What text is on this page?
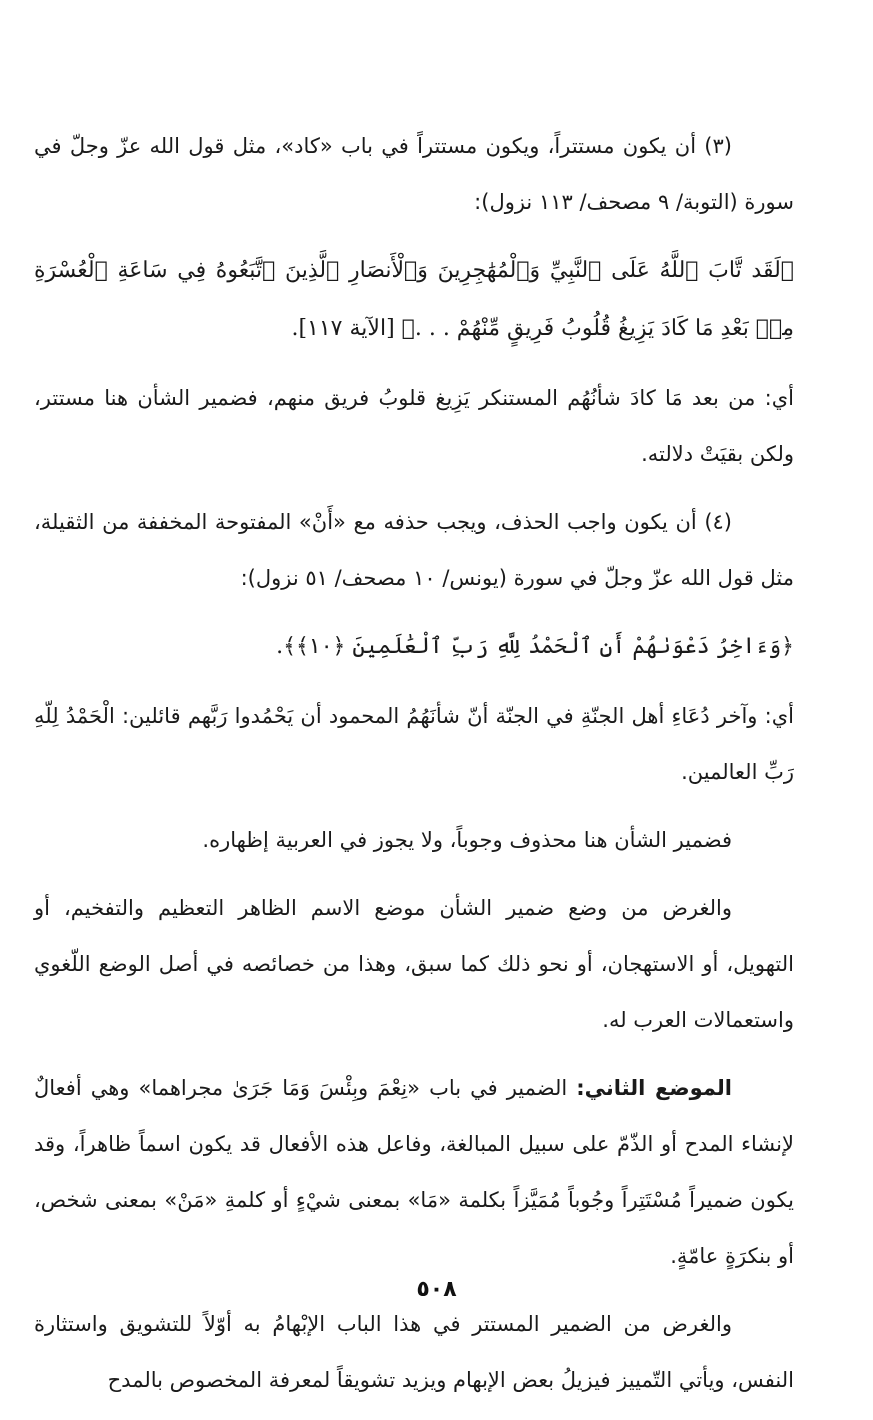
(٣) أن يكون مستتراً، ويكون مستتراً في باب «كاد»، مثل قول الله عزّ وجلّ في سورة (التوبة/ ٩ مصحف/ ١١٣ نزول):

﴿لَقَد تَّابَ ٱللَّهُ عَلَى ٱلنَّبِيِّ وَٱلْمُهَٰجِرِينَ وَٱلْأَنصَارِ ٱلَّذِينَ ٱتَّبَعُوهُ فِي سَاعَةِ ٱلْعُسْرَةِ مِنۢ بَعْدِ مَا كَادَ يَزِيغُ قُلُوبُ فَرِيقٍ مِّنْهُمْ . . .﴾ [الآية ١١٧].

أي: من بعد مَا كادَ شأنُهُم المستنكر يَزِيغ قلوبُ فريق منهم، فضمير الشأن هنا مستتر، ولكن بقيَتْ دلالته.

(٤) أن يكون واجب الحذف، ويجب حذفه مع «أَنْ» المفتوحة المخففة من الثقيلة، مثل قول الله عزّ وجلّ في سورة (يونس/ ١٠ مصحف/ ٥١ نزول):

﴿وَءَاخِرُ دَعْوَىٰهُمْ أَنِ ٱلْحَمْدُ لِلَّهِ رَبِّ ٱلْعَٰلَمِينَ ﴿١٠﴾﴾.

أي: وآخر دُعَاءِ أهل الجنّةِ في الجنّة أنّ شأنَهُمُ المحمود أن يَحْمُدوا رَبَّهم قائلين: الْحَمْدُ لِلّهِ رَبِّ العالمين.

فضمير الشأن هنا محذوف وجوباً، ولا يجوز في العربية إظهاره.

والغرض من وضع ضمير الشأن موضع الاسم الظاهر التعظيم والتفخيم، أو التهويل، أو الاستهجان، أو نحو ذلك كما سبق، وهذا من خصائصه في أصل الوضع اللّغوي واستعمالات العرب له.

الموضع الثاني: الضمير في باب «نِعْمَ وبِئْسَ وَمَا جَرَىٰ مجراهما» وهي أفعالٌ لإنشاء المدح أو الذّمّ على سبيل المبالغة، وفاعل هذه الأفعال قد يكون اسماً ظاهراً، وقد يكون ضميراً مُسْتَتِراً وجُوباً مُمَيَّزاً بكلمة «مَا» بمعنى شيْءٍ أو كلمةِ «مَنْ» بمعنى شخص، أو بنكرَةٍ عامّةٍ.

والغرض من الضمير المستتر في هذا الباب الإبْهامُ به أوّلاً للتشويق واستثارة النفس، ويأتي التّمييز فيزيلُ بعض الإبهام ويزيد تشويقاً لمعرفة المخصوص بالمدح

٥٠٨
